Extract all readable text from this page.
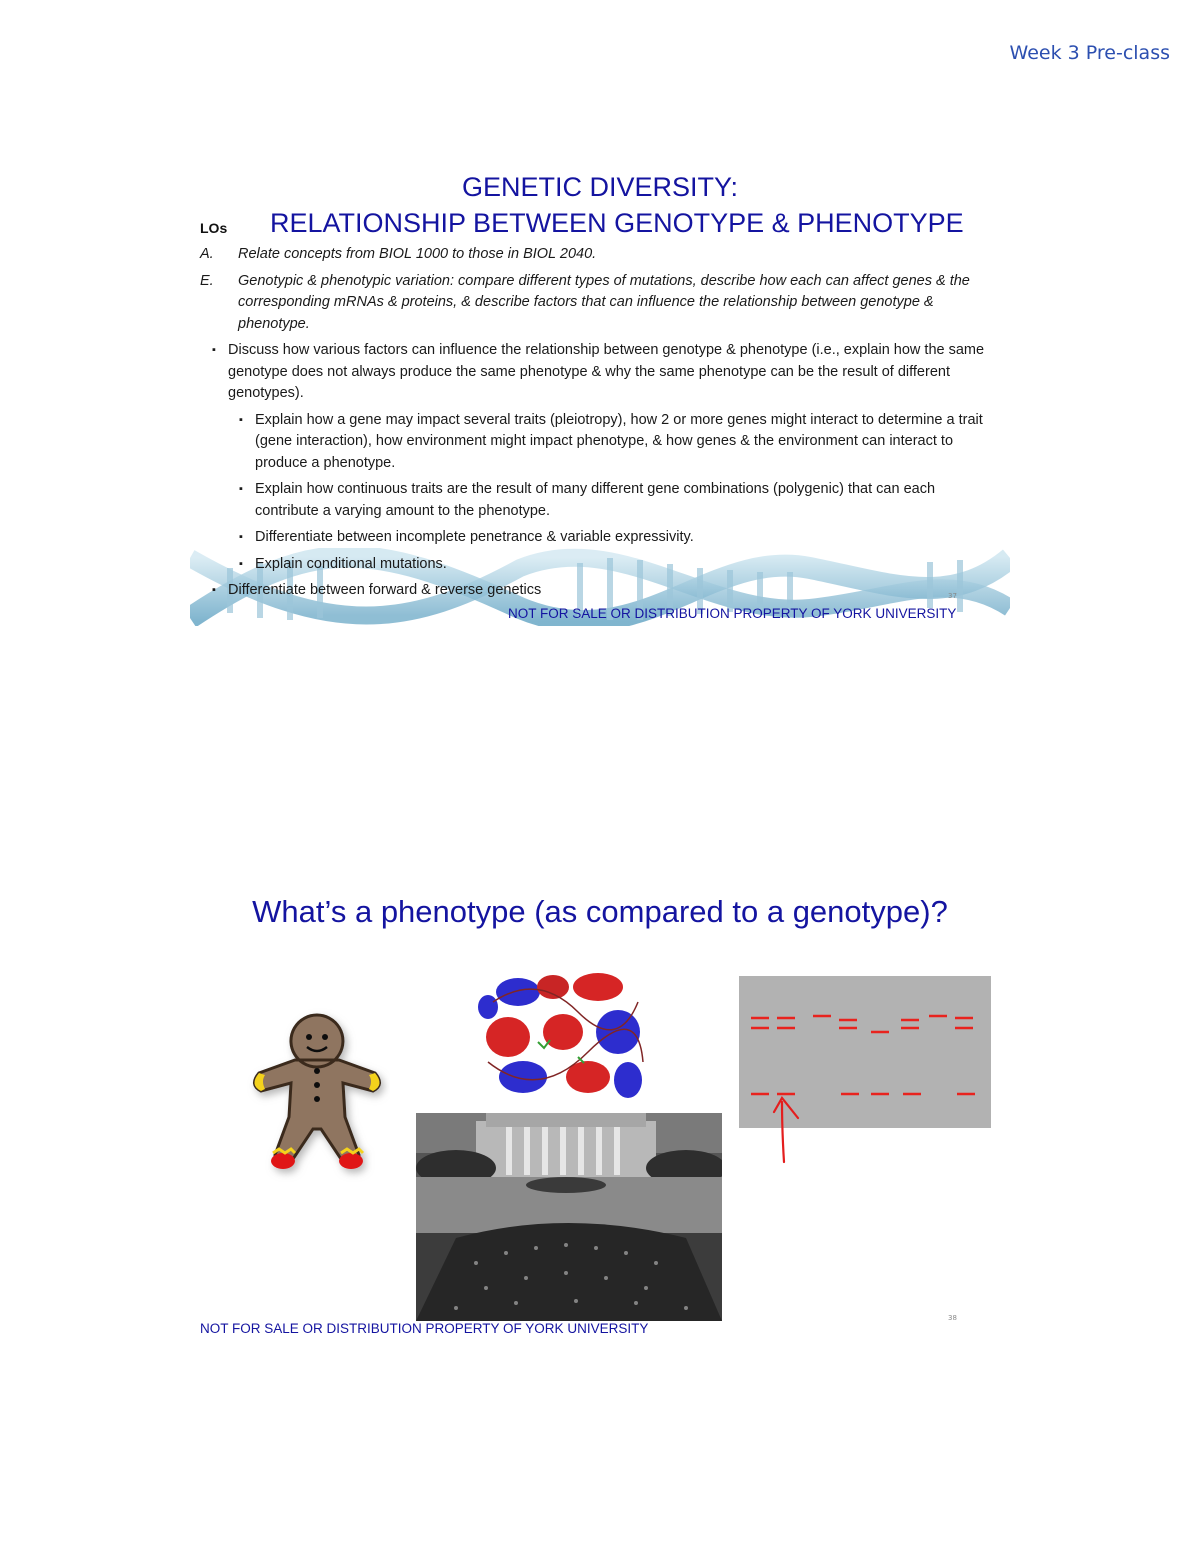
Week 3 Pre-class
GENETIC DIVERSITY:
LOs RELATIONSHIP BETWEEN GENOTYPE & PHENOTYPE
A. Relate concepts from BIOL 1000 to those in BIOL 2040.
E. Genotypic & phenotypic variation: compare different types of mutations, describe how each can affect genes & the corresponding mRNAs & proteins, & describe factors that can influence the relationship between genotype & phenotype.
▪ Discuss how various factors can influence the relationship between genotype & phenotype (i.e., explain how the same genotype does not always produce the same phenotype & why the same phenotype can be the result of different genotypes).
▪ Explain how a gene may impact several traits (pleiotropy), how 2 or more genes might interact to determine a trait (gene interaction), how environment might impact phenotype, & how genes & the environment can interact to produce a phenotype.
▪ Explain how continuous traits are the result of many different gene combinations (polygenic) that can each contribute a varying amount to the phenotype.
▪ Differentiate between incomplete penetrance & variable expressivity.
▪ Explain conditional mutations.
▪ Differentiate between forward & reverse genetics	37
NOT FOR SALE OR DISTRIBUTION PROPERTY OF YORK UNIVERSITY
What’s a phenotype (as compared to a genotype)?
38
NOT FOR SALE OR DISTRIBUTION PROPERTY OF YORK UNIVERSITY
